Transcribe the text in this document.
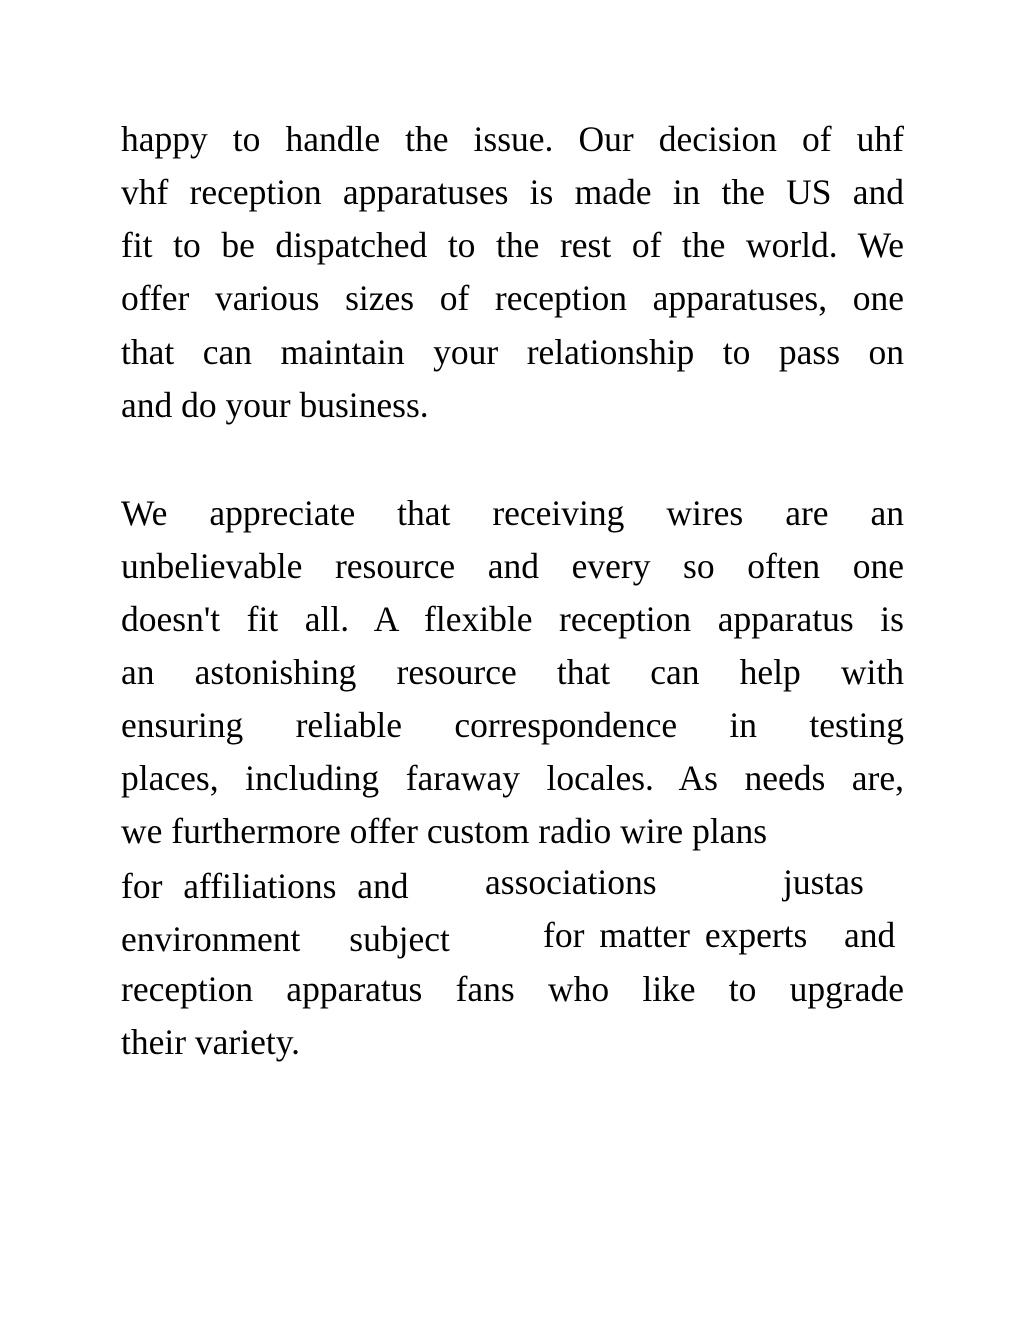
happy to handle the issue. Our decision of uhf
vhf reception apparatuses is made in the US and
fit to be dispatched to the rest of the world. We
offer various sizes of reception apparatuses, one
that can maintain your relationship to pass on
and do your business.
We appreciate that receiving wires are an
unbelievable resource and every so often one
doesn't fit all. A flexible reception apparatus is
an astonishing resource that can help with
ensuring reliable correspondence in testing
places, including faraway locales. As needs are,
we furthermore offer custom radio wire plans
for affiliations and associations	justas
environment subject	for matter experts and
reception apparatus fans who like to upgrade
their variety.
